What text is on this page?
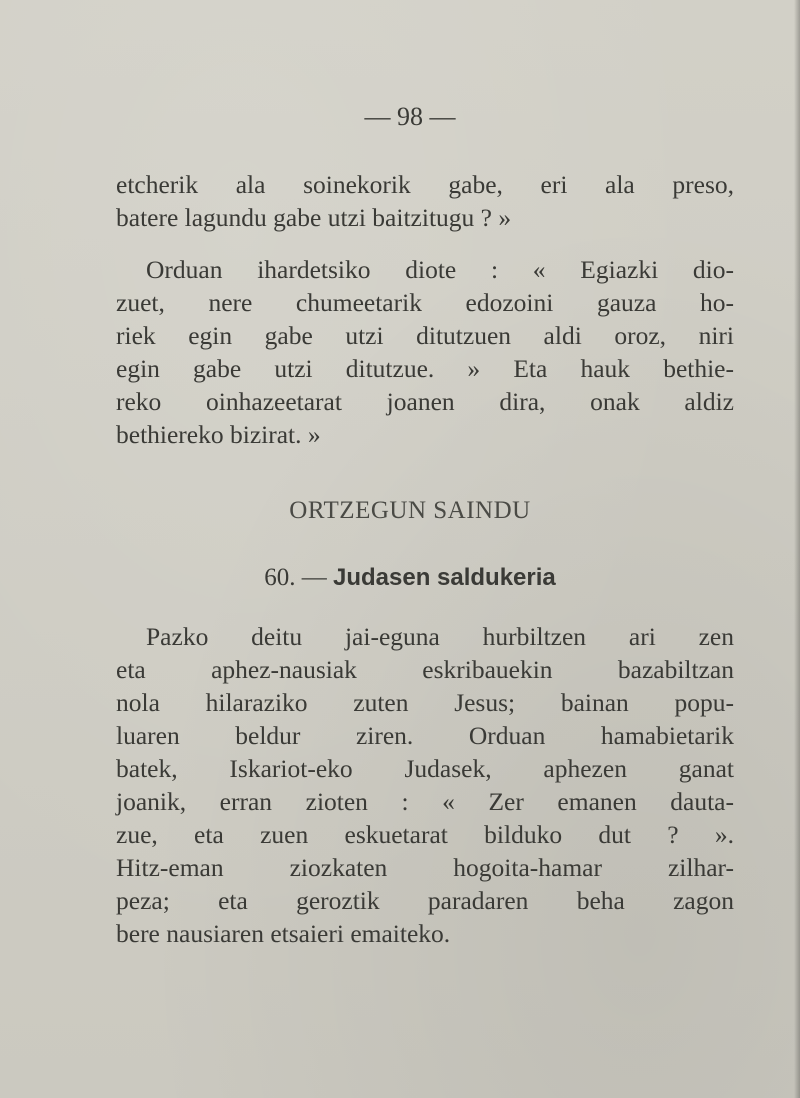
— 98 —
etcherik ala soinekorik gabe, eri ala preso,
batere lagundu gabe utzi baitzitugu ? »
Orduan ihardetsiko diote : « Egiazki dio-
zuet, nere chumeetarik edozoini gauza ho-
riek egin gabe utzi ditutzuen aldi oroz, niri
egin gabe utzi ditutzue. » Eta hauk bethie-
reko oinhazeetarat joanen dira, onak aldiz
bethiereko bizirat. »
ORTZEGUN SAINDU
60. — Judasen saldukeria
Pazko deitu jai-eguna hurbiltzen ari zen
eta aphez-nausiak eskribauekin bazabiltzan
nola hilaraziko zuten Jesus; bainan popu-
luaren beldur ziren. Orduan hamabietarik
batek, Iskariot-eko Judasek, aphezen ganat
joanik, erran zioten : « Zer emanen dauta-
zue, eta zuen eskuetarat bilduko dut ? ».
Hitz-eman ziozkaten hogoita-hamar zilhar-
peza; eta geroztik paradaren beha zagon
bere nausiaren etsaieri emaiteko.
